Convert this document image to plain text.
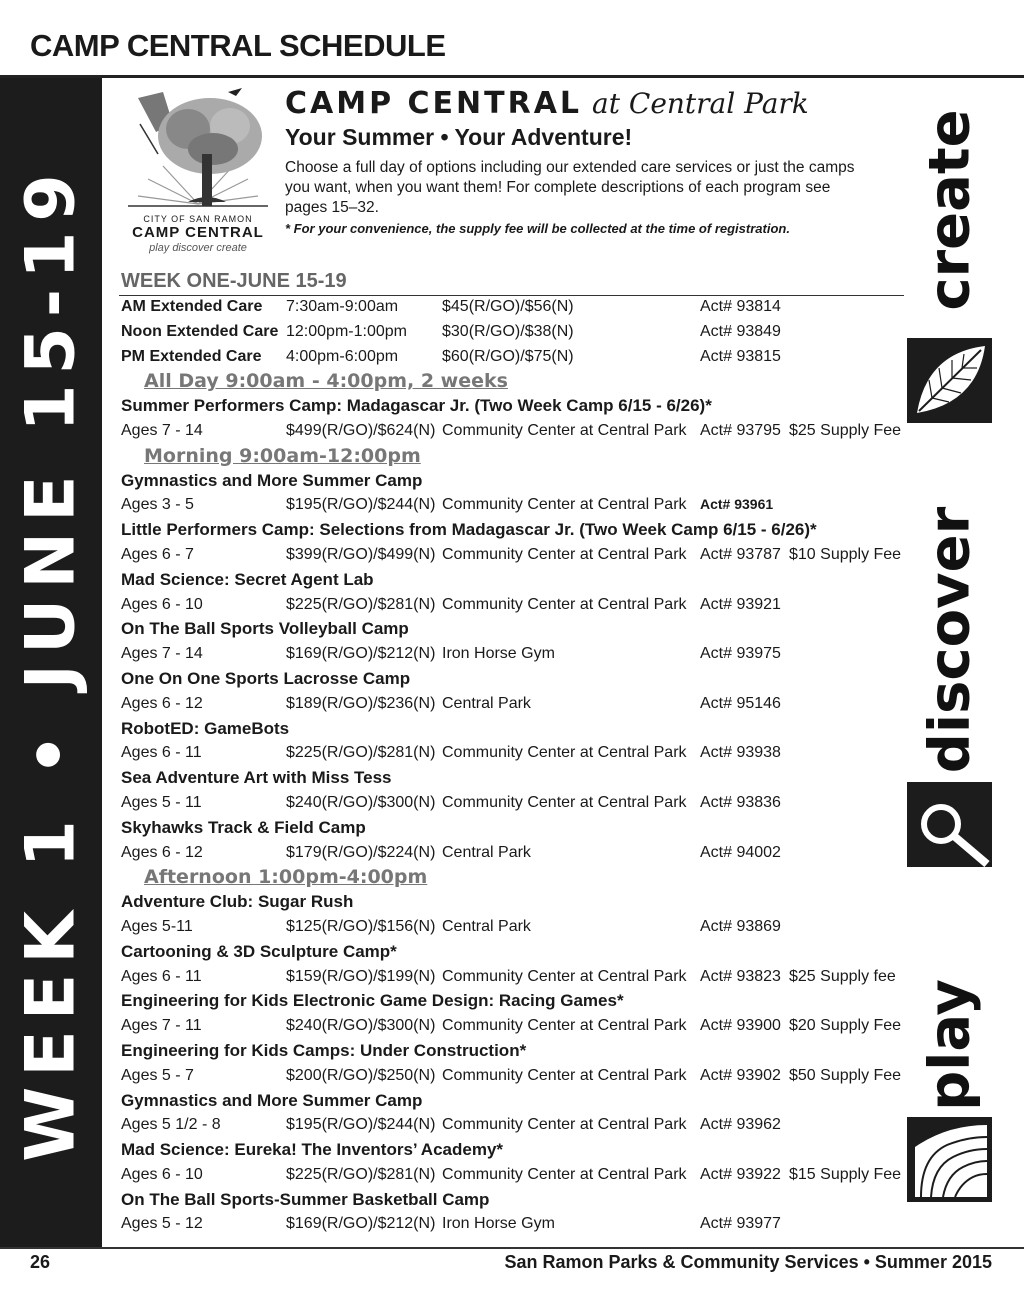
CAMP CENTRAL SCHEDULE
WEEK 1 • JUNE 15-19	CITY OF SAN RAMON
CAMP CENTRAL
play discover create
CAMP CENTRAL at Central Park
Your Summer • Your Adventure!
Choose a full day of options including our extended care services or just the camps you want, when you want them! For complete descriptions of each program see pages 15–32.
* For your convenience, the supply fee will be collected at the time of registration.
WEEK ONE-JUNE 15-19
AM Extended Care 7:30am-9:00am	$45(R/GO)/$56(N)	Act# 93814
Noon Extended Care 12:00pm-1:00pm $30(R/GO)/$38(N)	Act# 93849
PM Extended Care 4:00pm-6:00pm	$60(R/GO)/$75(N)	Act# 93815
All Day 9:00am - 4:00pm, 2 weeks
Summer Performers Camp: Madagascar Jr. (Two Week Camp 6/15 - 6/26)*
Ages 7 - 14	$499(R/GO)/$624(N) Community Center at Central Park Act# 93795 $25 Supply Fee
Morning 9:00am-12:00pm
Gymnastics and More Summer Camp
Ages 3 - 5	$195(R/GO)/$244(N) Community Center at Central Park Act# 93961
Little Performers Camp: Selections from Madagascar Jr. (Two Week Camp 6/15 - 6/26)*
Ages 6 - 7	$399(R/GO)/$499(N) Community Center at Central Park Act# 93787 $10 Supply Fee
Mad Science: Secret Agent Lab
Ages 6 - 10	$225(R/GO)/$281(N) Community Center at Central Park Act# 93921
On The Ball Sports Volleyball Camp
Ages 7 - 14	$169(R/GO)/$212(N) Iron Horse Gym	Act# 93975
One On One Sports Lacrosse Camp
Ages 6 - 12	$189(R/GO)/$236(N) Central Park	Act# 95146
RobotED: GameBots
Ages 6 - 11	$225(R/GO)/$281(N) Community Center at Central Park Act# 93938
Sea Adventure Art with Miss Tess
Ages 5 - 11	$240(R/GO)/$300(N) Community Center at Central Park Act# 93836
Skyhawks Track & Field Camp
Ages 6 - 12	$179(R/GO)/$224(N) Central Park	Act# 94002
Afternoon 1:00pm-4:00pm
Adventure Club: Sugar Rush
Ages 5-11	$125(R/GO)/$156(N) Central Park	Act# 93869
Cartooning & 3D Sculpture Camp*
Ages 6 - 11	$159(R/GO)/$199(N) Community Center at Central Park Act# 93823 $25 Supply fee
Engineering for Kids Electronic Game Design: Racing Games*
Ages 7 - 11	$240(R/GO)/$300(N) Community Center at Central Park Act# 93900 $20 Supply Fee
Engineering for Kids Camps: Under Construction*
Ages 5 - 7	$200(R/GO)/$250(N) Community Center at Central Park Act# 93902 $50 Supply Fee
Gymnastics and More Summer Camp
Ages 5 1/2 - 8	$195(R/GO)/$244(N) Community Center at Central Park Act# 93962
Mad Science: Eureka! The Inventors’ Academy*
Ages 6 - 10	$225(R/GO)/$281(N) Community Center at Central Park Act# 93922 $15 Supply Fee
On The Ball Sports-Summer Basketball Camp
Ages 5 - 12	$169(R/GO)/$212(N) Iron Horse Gym	Act# 93977
create
discover
play
26	San Ramon Parks & Community Services • Summer 2015
